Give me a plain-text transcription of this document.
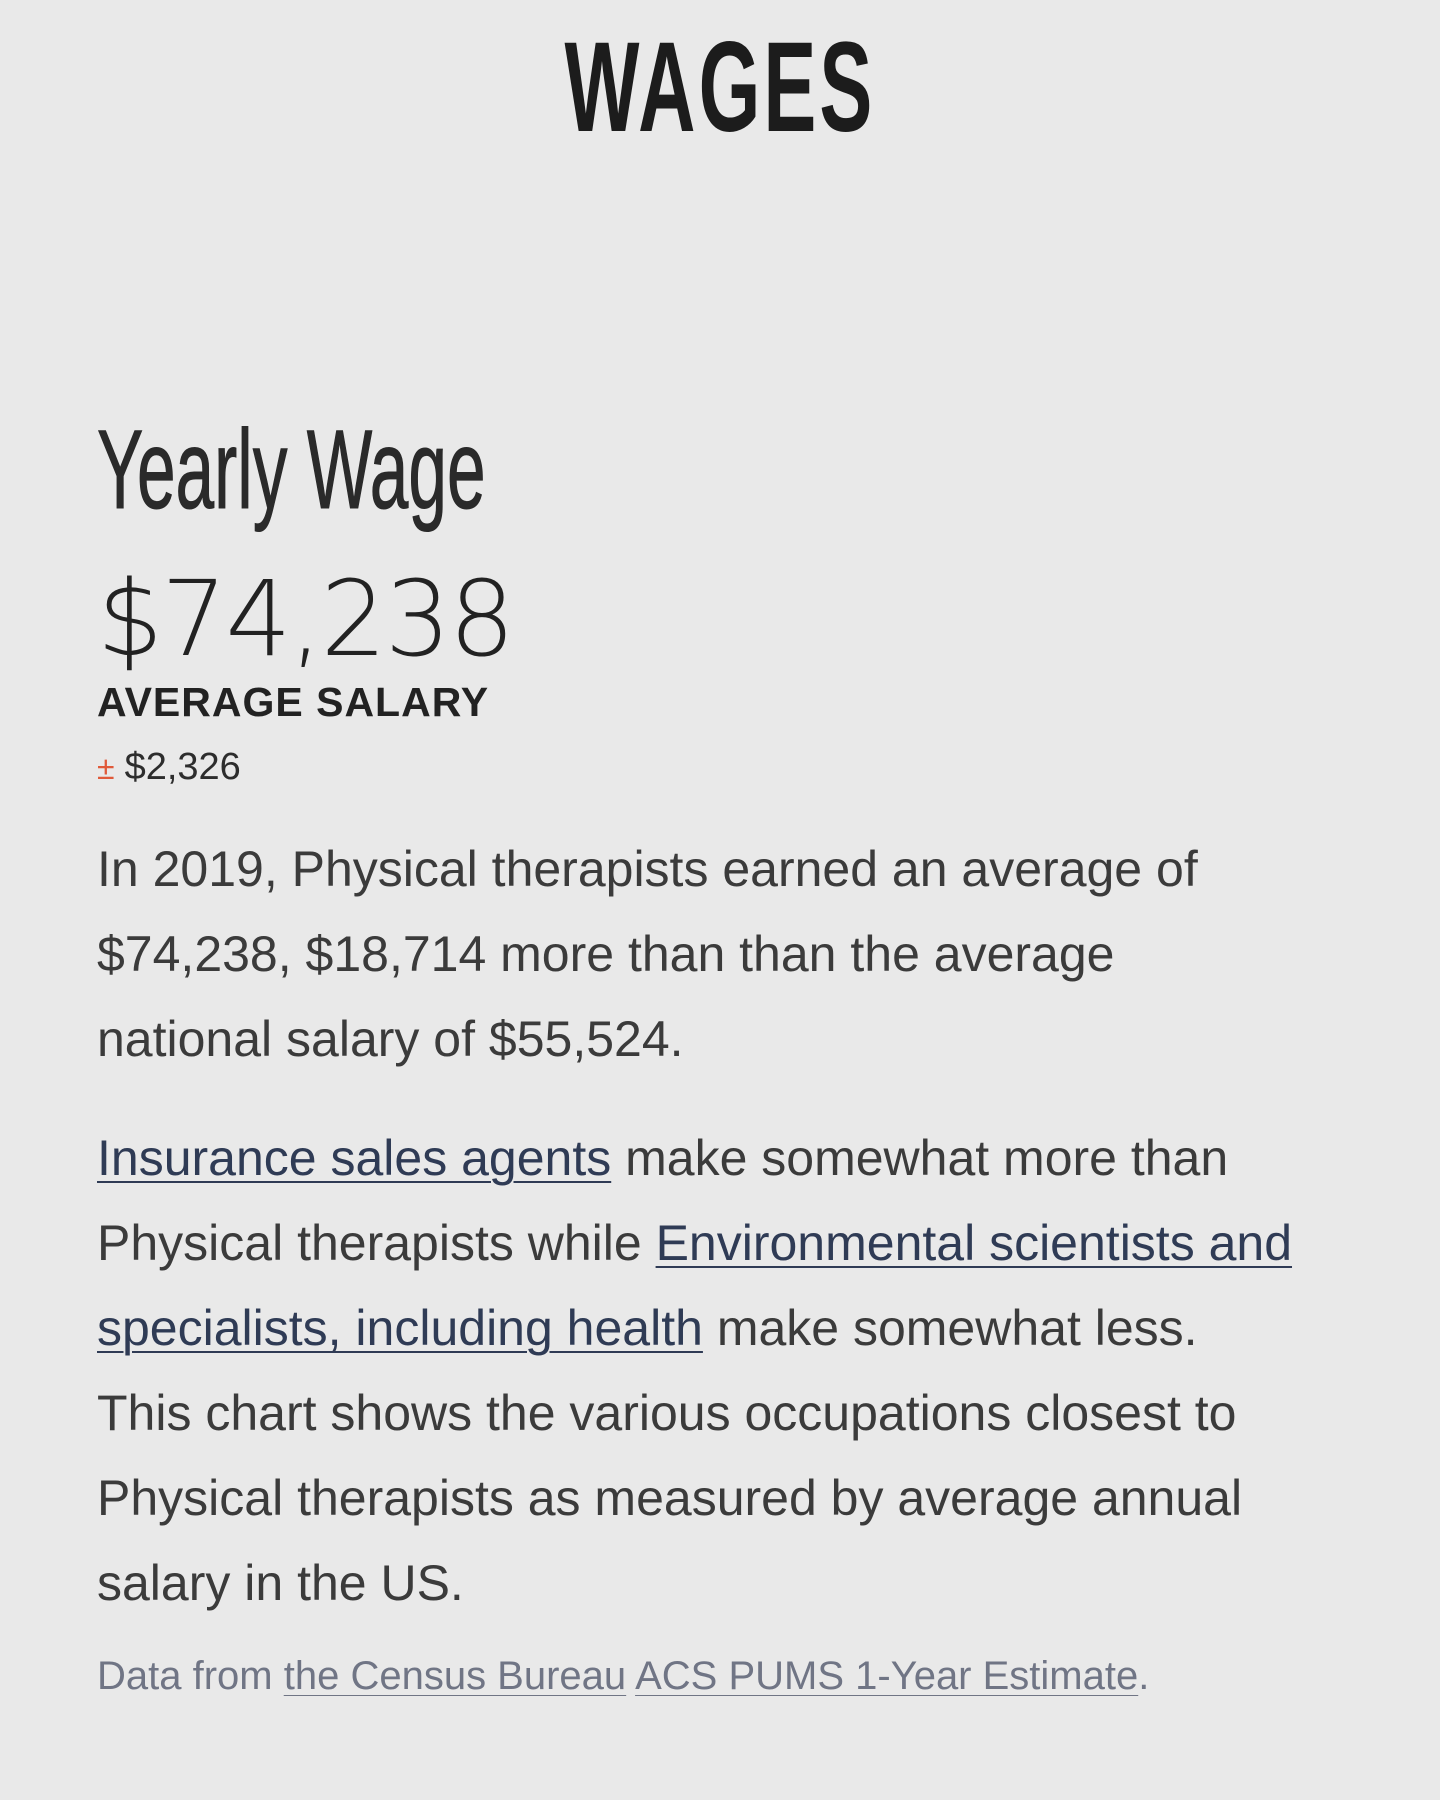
WAGES
Yearly Wage
$74,238
AVERAGE SALARY
± $2,326

In 2019, Physical therapists earned an average of $74,238, $18,714 more than than the average national salary of $55,524.

Insurance sales agents make somewhat more than Physical therapists while Environmental scientists and specialists, including health make somewhat less. This chart shows the various occupations closest to Physical therapists as measured by average annual salary in the US.

Data from the Census Bureau ACS PUMS 1-Year Estimate.
